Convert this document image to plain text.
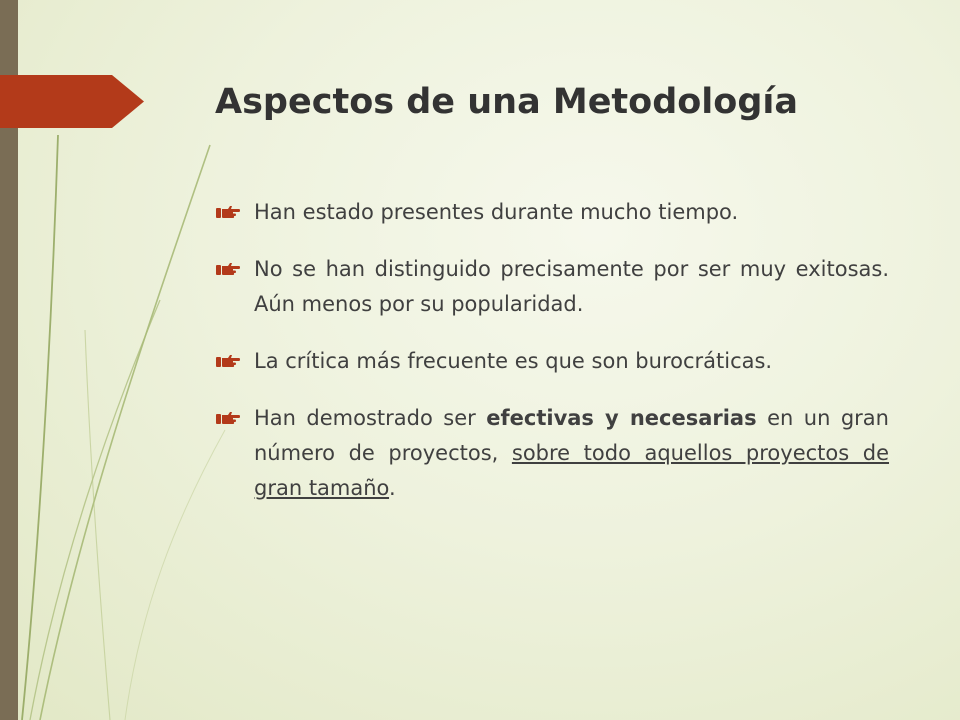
Aspectos de una Metodología
Han estado presentes durante mucho tiempo.
No se han distinguido precisamente por ser muy exitosas. Aún menos por su popularidad.
La crítica más frecuente es que son burocráticas.
Han demostrado ser efectivas y necesarias en un gran número de proyectos, sobre todo aquellos proyectos de gran tamaño.
